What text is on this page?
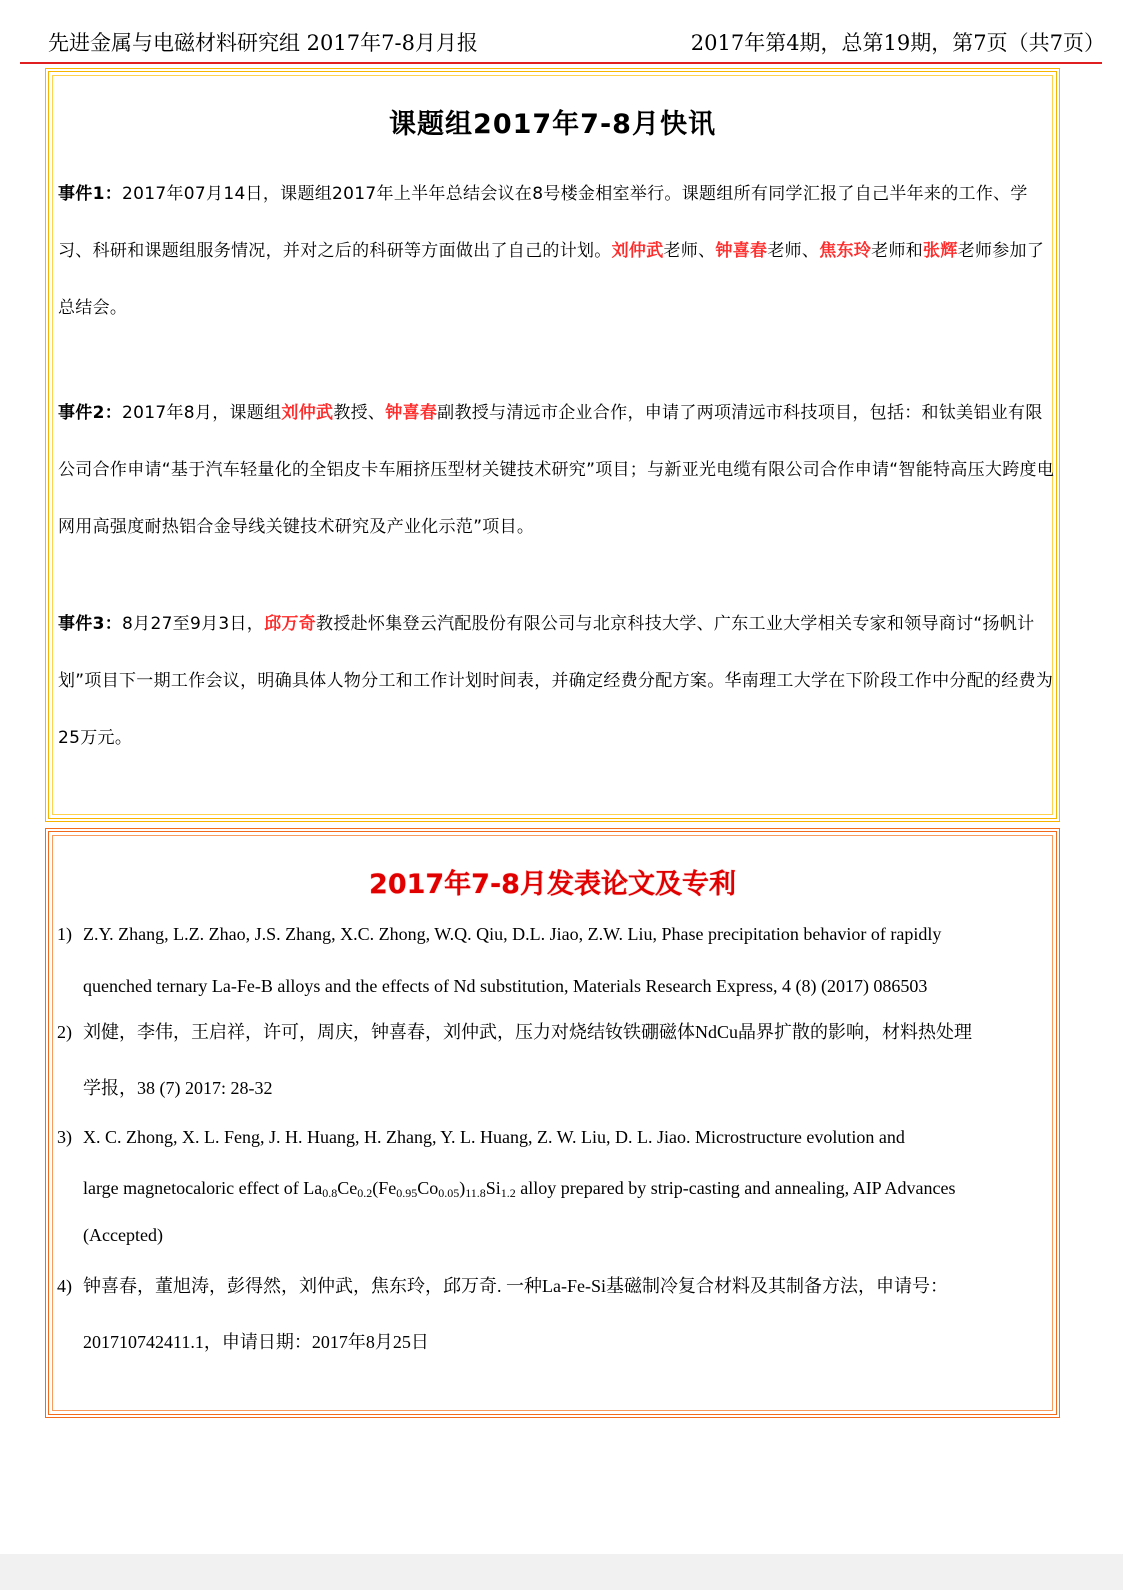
先进金属与电磁材料研究组 2017年7-8月月报	2017年第4期，总第19期，第7页（共7页）
课题组2017年7-8月快讯
事件1：2017年07月14日，课题组2017年上半年总结会议在8号楼金相室举行。课题组所有同学汇报了自己半年来的工作、学习、科研和课题组服务情况，并对之后的科研等方面做出了自己的计划。刘仲武老师、钟喜春老师、焦东玲老师和张辉老师参加了总结会。
事件2：2017年8月，课题组刘仲武教授、钟喜春副教授与清远市企业合作，申请了两项清远市科技项目，包括：和钛美铝业有限公司合作申请“基于汽车轻量化的全铝皮卡车厢挤压型材关键技术研究”项目；与新亚光电缆有限公司合作申请“智能特高压大跨度电网用高强度耐热铝合金导线关键技术研究及产业化示范”项目。
事件3：8月27至9月3日，邱万奇教授赴怀集登云汽配股份有限公司与北京科技大学、广东工业大学相关专家和领导商讨“扬帆计划”项目下一期工作会议，明确具体人物分工和工作计划时间表，并确定经费分配方案。华南理工大学在下阶段工作中分配的经费为25万元。
2017年7-8月发表论文及专利
1) Z.Y. Zhang, L.Z. Zhao, J.S. Zhang, X.C. Zhong, W.Q. Qiu, D.L. Jiao, Z.W. Liu, Phase precipitation behavior of rapidly
quenched ternary La-Fe-B alloys and the effects of Nd substitution, Materials Research Express, 4 (8) (2017) 086503
2) 刘健，李伟，王启祥，许可，周庆，钟喜春，刘仲武，压力对烧结钕铁硼磁体NdCu晶界扩散的影响，材料热处理
学报，38 (7) 2017: 28-32
3) X. C. Zhong, X. L. Feng, J. H. Huang, H. Zhang, Y. L. Huang, Z. W. Liu, D. L. Jiao. Microstructure evolution and
large magnetocaloric effect of $La_{0.8}Ce_{0.2}(Fe_{0.95}Co_{0.05})_{11.8}Si_{1.2}$ alloy prepared by strip-casting and annealing, AIP Advances
(Accepted)
4) 钟喜春，董旭涛，彭得然，刘仲武，焦东玲，邱万奇. 一种La-Fe-Si基磁制冷复合材料及其制备方法，申请号：
201710742411.1，申请日期：2017年8月25日
